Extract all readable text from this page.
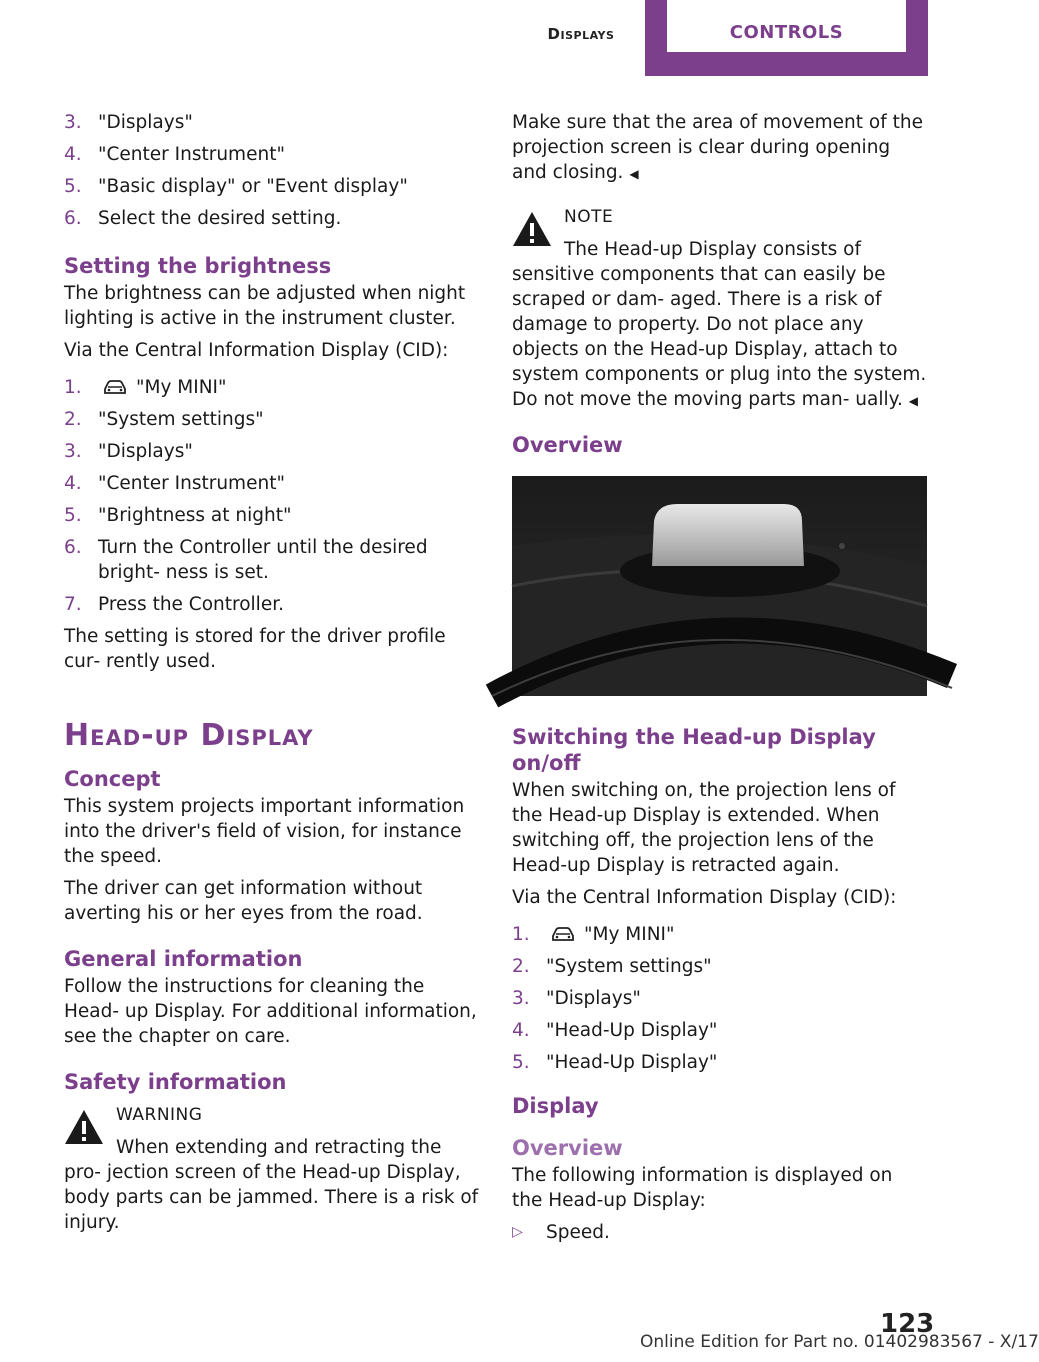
Displays	CONTROLS
3. "Displays"
4. "Center Instrument"
5. "Basic display" or "Event display"
6. Select the desired setting.
Setting the brightness

The brightness can be adjusted when night lighting is active in the instrument cluster.

Via the Central Information Display (CID):

1.	"My MINI"
2. "System settings"
3. "Displays"
4. "Center Instrument"
5. "Brightness at night"
6. Turn the Controller until the desired bright‐ ness is set.
7. Press the Controller.

The setting is stored for the driver profile cur‐ rently used.

Head-up Display
Concept

This system projects important information into the driver's field of vision, for instance the speed.

The driver can get information without averting his or her eyes from the road.

General information

Follow the instructions for cleaning the Head- up Display. For additional information, see the chapter on care.

Safety information
WARNING

When extending and retracting the pro‐ jection screen of the Head-up Display, body parts can be jammed. There is a risk of injury.

Make sure that the area of movement of the projection screen is clear during opening and closing. ◀

NOTE

The Head-up Display consists of sensitive components that can easily be scraped or dam‐ aged. There is a risk of damage to property. Do not place any objects on the Head-up Display, attach to system components or plug into the system. Do not move the moving parts man‐ ually. ◀

Overview
Switching the Head-up Display on/off

When switching on, the projection lens of the Head-up Display is extended. When switching off, the projection lens of the Head-up Display is retracted again.

Via the Central Information Display (CID):

1.	"My MINI"
2. "System settings"
3. "Displays"
4. "Head-Up Display"
5. "Head-Up Display"
Display
Overview

The following information is displayed on the Head-up Display:

▷ Speed.
123
Online Edition for Part no. 01402983567 - X/17
